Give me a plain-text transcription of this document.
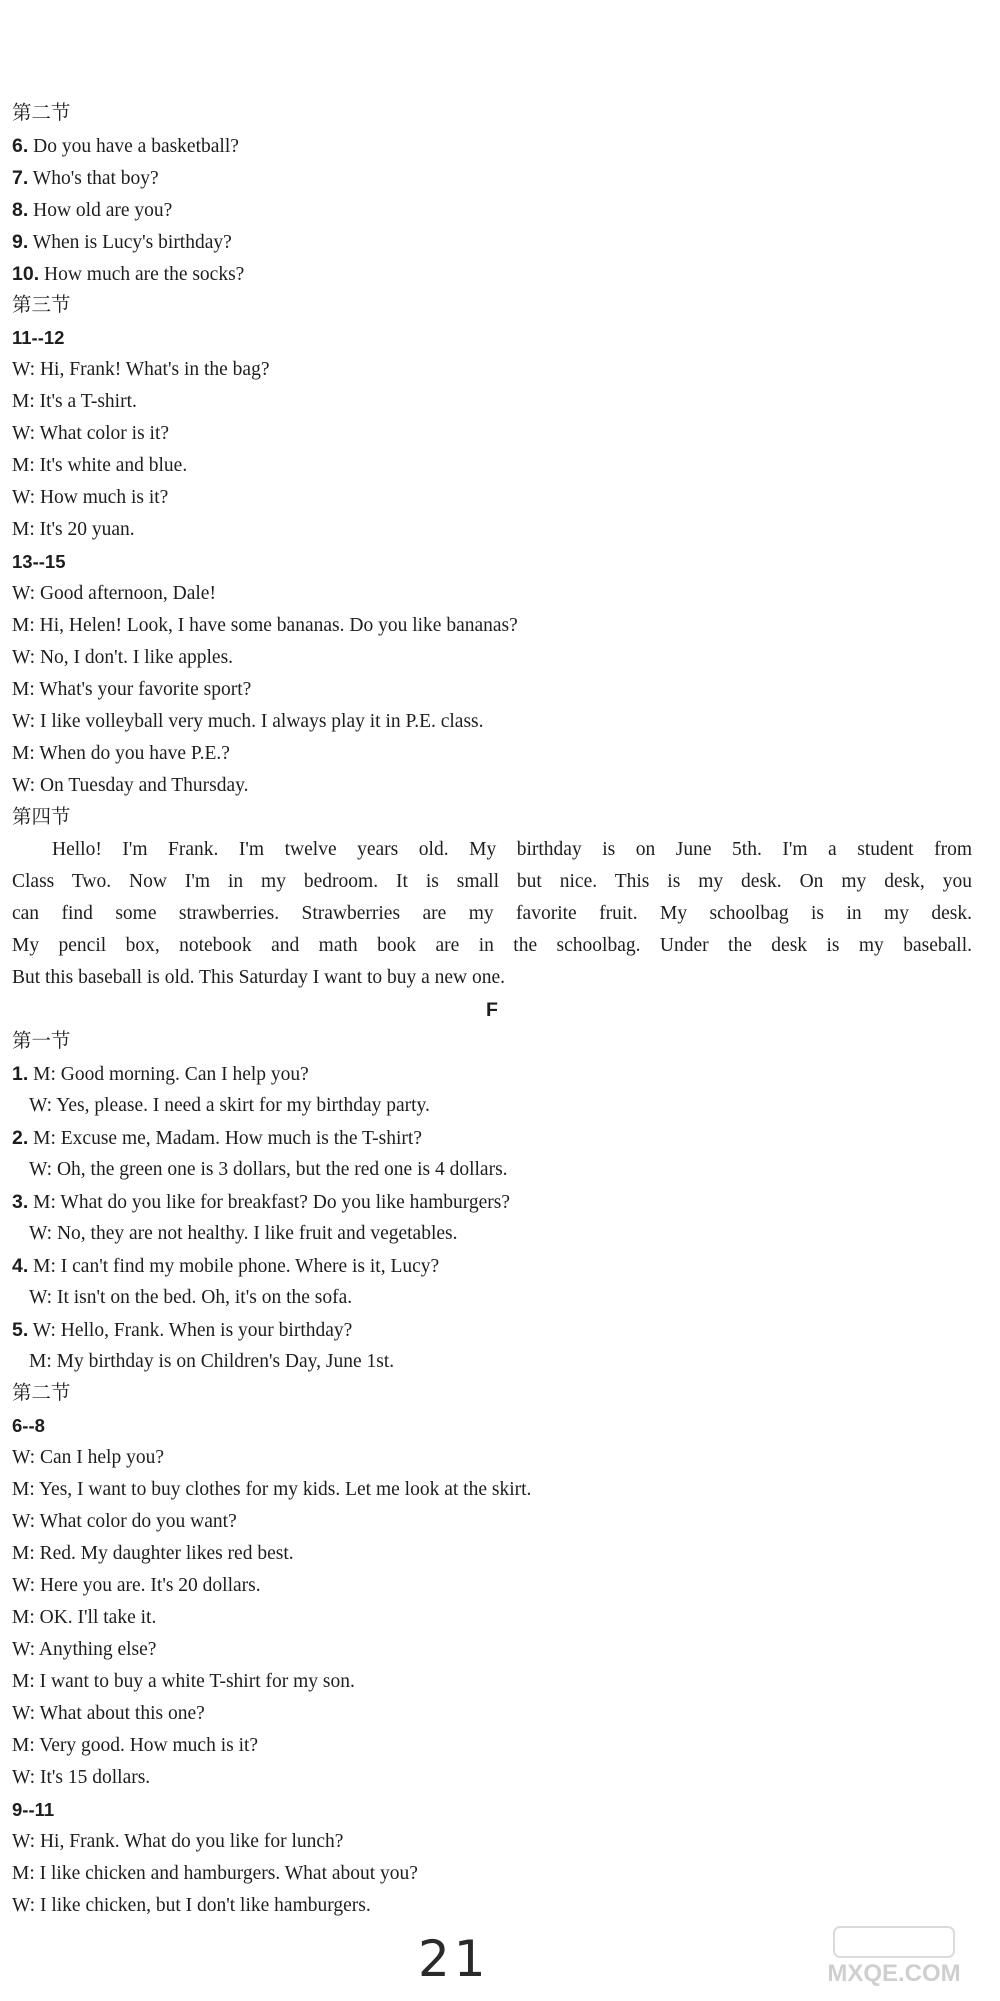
第二节
6. Do you have a basketball?
7. Who's that boy?
8. How old are you?
9. When is Lucy's birthday?
10. How much are the socks?
第三节
11--12
W: Hi, Frank! What's in the bag?
M: It's a T-shirt.
W: What color is it?
M: It's white and blue.
W: How much is it?
M: It's 20 yuan.
13--15
W: Good afternoon, Dale!
M: Hi, Helen! Look, I have some bananas. Do you like bananas?
W: No, I don't. I like apples.
M: What's your favorite sport?
W: I like volleyball very much. I always play it in P.E. class.
M: When do you have P.E.?
W: On Tuesday and Thursday.
第四节
Hello! I'm Frank. I'm twelve years old. My birthday is on June 5th. I'm a student from
Class Two. Now I'm in my bedroom. It is small but nice. This is my desk. On my desk, you
can find some strawberries. Strawberries are my favorite fruit. My schoolbag is in my desk.
My pencil box, notebook and math book are in the schoolbag. Under the desk is my baseball.
But this baseball is old. This Saturday I want to buy a new one.
F
第一节
1. M: Good morning. Can I help you?
W: Yes, please. I need a skirt for my birthday party.
2. M: Excuse me, Madam. How much is the T-shirt?
W: Oh, the green one is 3 dollars, but the red one is 4 dollars.
3. M: What do you like for breakfast? Do you like hamburgers?
W: No, they are not healthy. I like fruit and vegetables.
4. M: I can't find my mobile phone. Where is it, Lucy?
W: It isn't on the bed. Oh, it's on the sofa.
5. W: Hello, Frank. When is your birthday?
M: My birthday is on Children's Day, June 1st.
第二节
6--8
W: Can I help you?
M: Yes, I want to buy clothes for my kids. Let me look at the skirt.
W: What color do you want?
M: Red. My daughter likes red best.
W: Here you are. It's 20 dollars.
M: OK. I'll take it.
W: Anything else?
M: I want to buy a white T-shirt for my son.
W: What about this one?
M: Very good. How much is it?
W: It's 15 dollars.
9--11
W: Hi, Frank. What do you like for lunch?
M: I like chicken and hamburgers. What about you?
W: I like chicken, but I don't like hamburgers.
21	MXQE.COM
